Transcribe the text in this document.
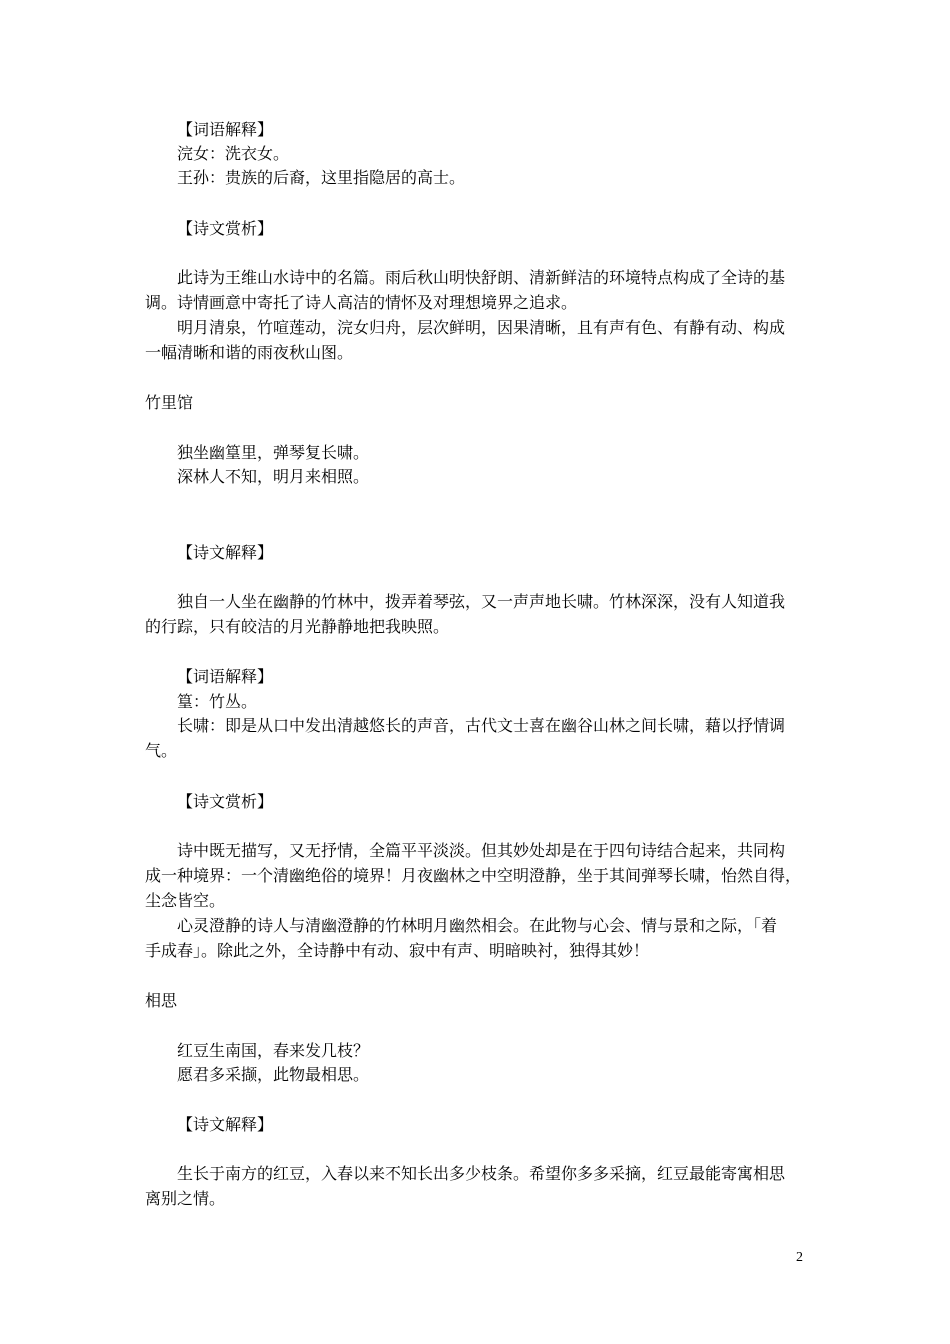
【词语解释】
浣女：洗衣女。
王孙：贵族的后裔，这里指隐居的高士。
【诗文赏析】
此诗为王维山水诗中的名篇。雨后秋山明快舒朗、清新鲜洁的环境特点构成了全诗的基
调。诗情画意中寄托了诗人高洁的情怀及对理想境界之追求。
明月清泉，竹喧莲动，浣女归舟，层次鲜明，因果清晰，且有声有色、有静有动、构成
一幅清晰和谐的雨夜秋山图。
竹里馆
独坐幽篁里，弹琴复长啸。
深林人不知，明月来相照。
【诗文解释】
独自一人坐在幽静的竹林中，拨弄着琴弦，又一声声地长啸。竹林深深，没有人知道我
的行踪，只有皎洁的月光静静地把我映照。
【词语解释】
篁：竹丛。
长啸：即是从口中发出清越悠长的声音，古代文士喜在幽谷山林之间长啸，藉以抒情调
气。
【诗文赏析】
诗中既无描写，又无抒情，全篇平平淡淡。但其妙处却是在于四句诗结合起来，共同构
成一种境界：一个清幽绝俗的境界！月夜幽林之中空明澄静，坐于其间弹琴长啸，怡然自得，
尘念皆空。
心灵澄静的诗人与清幽澄静的竹林明月幽然相会。在此物与心会、情与景和之际，「着
手成春」。除此之外，全诗静中有动、寂中有声、明暗映衬，独得其妙！
相思
红豆生南国，春来发几枝？
愿君多采撷，此物最相思。
【诗文解释】
生长于南方的红豆，入春以来不知长出多少枝条。希望你多多采摘，红豆最能寄寓相思
离别之情。
2
